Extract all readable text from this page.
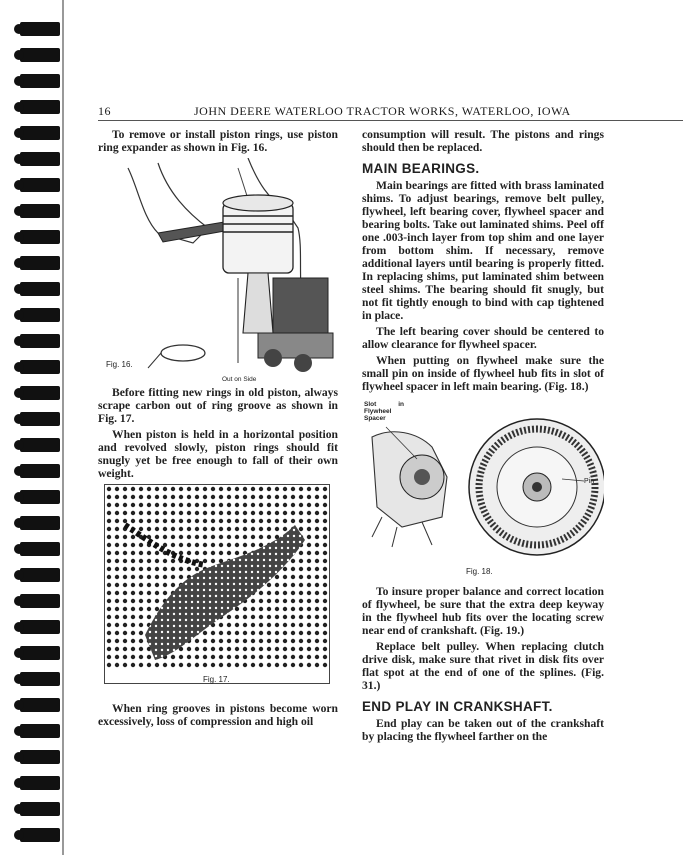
16	JOHN DEERE WATERLOO TRACTOR WORKS, WATERLOO, IOWA

To remove or install piston rings, use piston ring expander as shown in Fig. 16.

Fig. 16.
Out on Side

Before fitting new rings in old piston, always scrape carbon out of ring groove as shown in Fig. 17.

When piston is held in a horizontal position and revolved slowly, piston rings should fit snugly yet be free enough to fall of their own weight.

Fig. 17.

When ring grooves in pistons become worn excessively, loss of compression and high oil

consumption will result. The pistons and rings should then be replaced.

MAIN BEARINGS.

Main bearings are fitted with brass laminated shims. To adjust bearings, remove belt pulley, flywheel, left bearing cover, flywheel spacer and bearing bolts. Take out laminated shims. Peel off one .003-inch layer from top shim and one layer from bottom shim. If necessary, remove additional layers until bearing is properly fitted. In replacing shims, put laminated shim between steel shims. The bearing should fit snugly, but not fit tightly enough to bind with cap tightened in place.

The left bearing cover should be centered to allow clearance for flywheel spacer.

When putting on flywheel make sure the small pin on inside of flywheel hub fits in slot of flywheel spacer in left main bearing. (Fig. 18.)

Slot in Flywheel Spacer
Pin
Fig. 18.

To insure proper balance and correct location of flywheel, be sure that the extra deep keyway in the flywheel hub fits over the locating screw near end of crankshaft. (Fig. 19.)

Replace belt pulley. When replacing clutch drive disk, make sure that rivet in disk fits over flat spot at the end of one of the splines. (Fig. 31.)

END PLAY IN CRANKSHAFT.

End play can be taken out of the crankshaft by placing the flywheel farther on the
